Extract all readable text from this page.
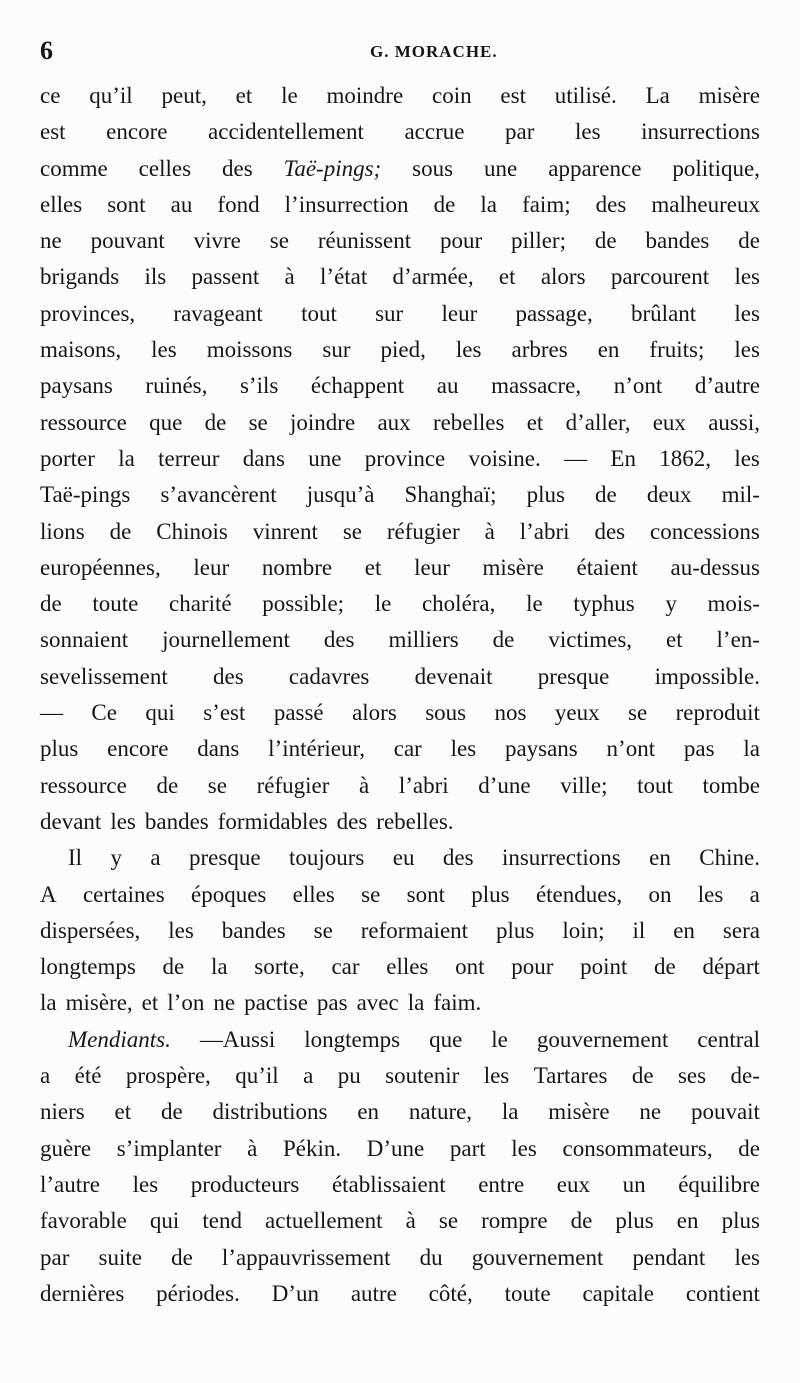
6	G. MORACHE.
ce qu’il peut, et le moindre coin est utilisé. La misère
est encore accidentellement accrue par les insurrections
comme celles des Taë-pings; sous une apparence politique,
elles sont au fond l’insurrection de la faim; des malheureux
ne pouvant vivre se réunissent pour piller; de bandes de
brigands ils passent à l’état d’armée, et alors parcourent les
provinces, ravageant tout sur leur passage, brûlant les
maisons, les moissons sur pied, les arbres en fruits; les
paysans ruinés, s’ils échappent au massacre, n’ont d’autre
ressource que de se joindre aux rebelles et d’aller, eux aussi,
porter la terreur dans une province voisine. — En 1862, les
Taë-pings s’avancèrent jusqu’à Shanghaï; plus de deux mil-
lions de Chinois vinrent se réfugier à l’abri des concessions
européennes, leur nombre et leur misère étaient au-dessus
de toute charité possible; le choléra, le typhus y mois-
sonnaient journellement des milliers de victimes, et l’en-
sevelissement des cadavres devenait presque impossible.
— Ce qui s’est passé alors sous nos yeux se reproduit
plus encore dans l’intérieur, car les paysans n’ont pas la
ressource de se réfugier à l’abri d’une ville; tout tombe
devant les bandes formidables des rebelles.
Il y a presque toujours eu des insurrections en Chine.
A certaines époques elles se sont plus étendues, on les a
dispersées, les bandes se reformaient plus loin; il en sera
longtemps de la sorte, car elles ont pour point de départ
la misère, et l’on ne pactise pas avec la faim.
Mendiants. —Aussi longtemps que le gouvernement central
a été prospère, qu’il a pu soutenir les Tartares de ses de-
niers et de distributions en nature, la misère ne pouvait
guère s’implanter à Pékin. D’une part les consommateurs, de
l’autre les producteurs établissaient entre eux un équilibre
favorable qui tend actuellement à se rompre de plus en plus
par suite de l’appauvrissement du gouvernement pendant les
dernières périodes. D’un autre côté, toute capitale contient
